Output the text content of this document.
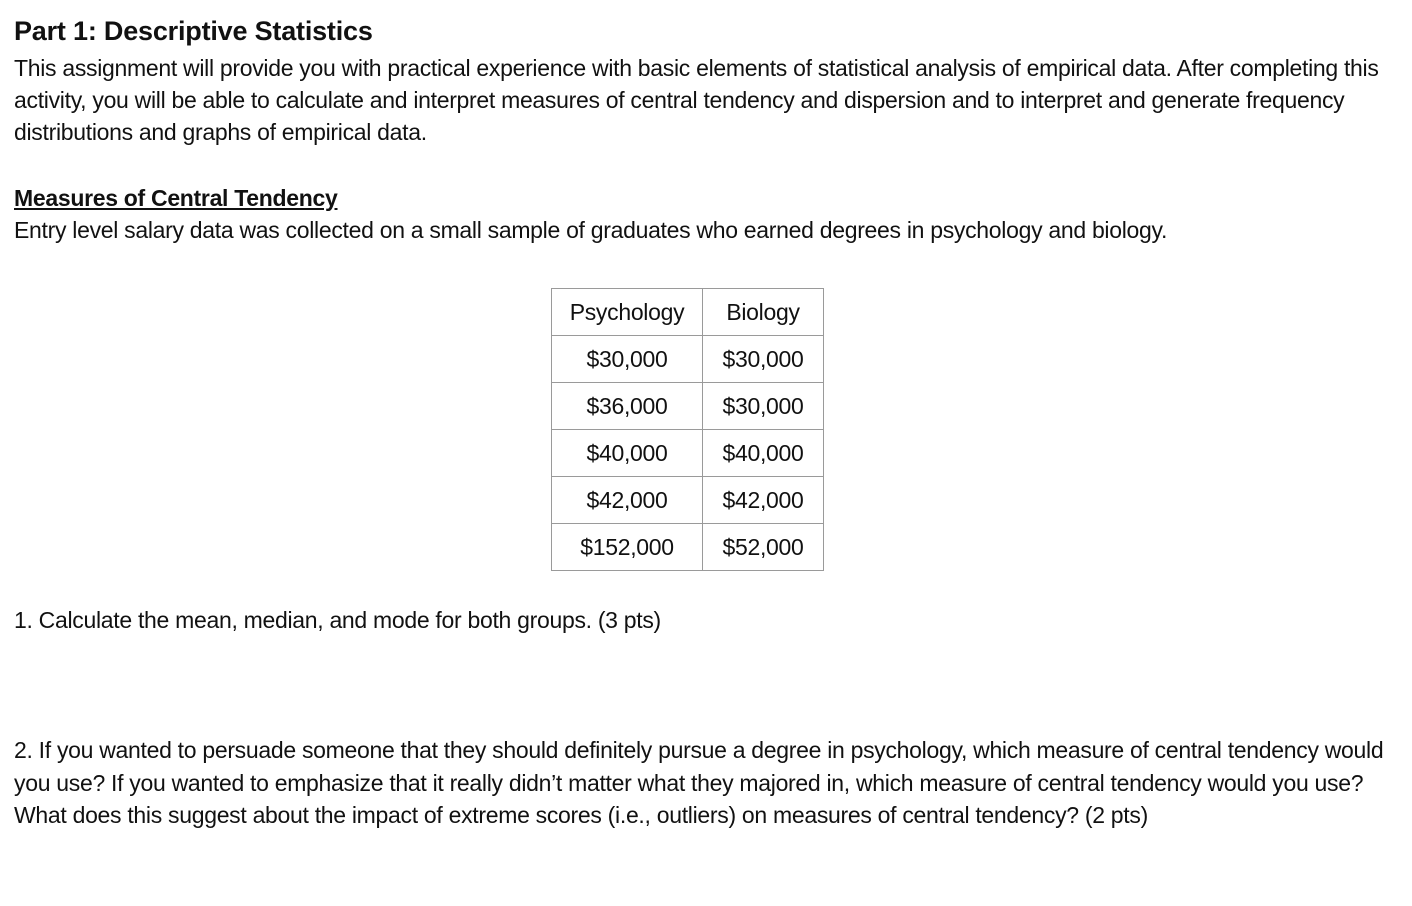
Part 1: Descriptive Statistics

This assignment will provide you with practical experience with basic elements of statistical analysis of empirical data. After completing this activity, you will be able to calculate and interpret measures of central tendency and dispersion and to interpret and generate frequency distributions and graphs of empirical data.

Measures of Central Tendency
Entry level salary data was collected on a small sample of graduates who earned degrees in psychology and biology.
Psychology	Biology
$30,000	$30,000
$36,000	$30,000
$40,000	$40,000
$42,000	$42,000
$152,000	$52,000

1. Calculate the mean, median, and mode for both groups. (3 pts)

2. If you wanted to persuade someone that they should definitely pursue a degree in psychology, which measure of central tendency would you use? If you wanted to emphasize that it really didn’t matter what they majored in, which measure of central tendency would you use? What does this suggest about the impact of extreme scores (i.e., outliers) on measures of central tendency? (2 pts)
